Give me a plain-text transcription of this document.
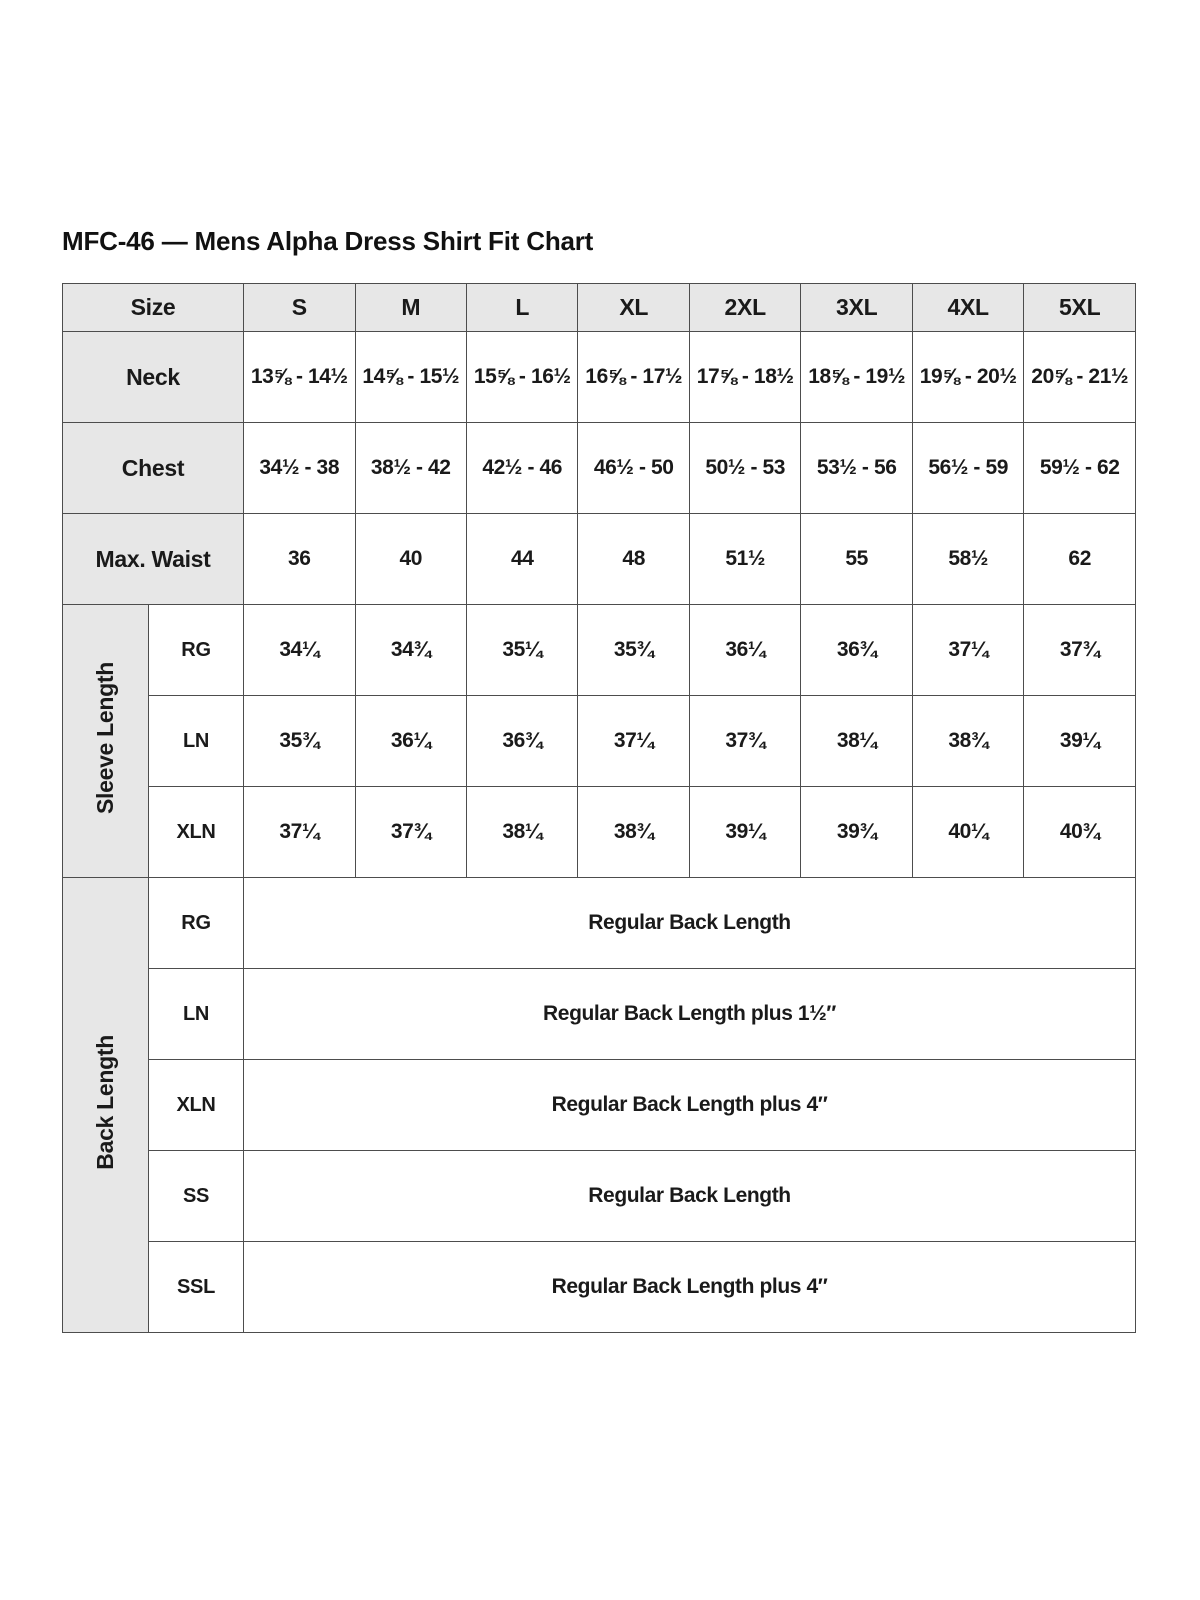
MFC-46 — Mens Alpha Dress Shirt Fit Chart
Size		S	M	L	XL	2XL	3XL	4XL	5XL
Neck		13⅝ - 14½	14⅝ - 15½	15⅝ - 16½	16⅝ - 17½	17⅝ - 18½	18⅝ - 19½	19⅝ - 20½	20⅝ - 21½
Chest		34½ - 38	38½ - 42	42½ - 46	46½ - 50	50½ - 53	53½ - 56	56½ - 59	59½ - 62
Max. Waist		36	40	44	48	51½	55	58½	62
Sleeve Length	RG	34¼	34¾	35¼	35¾	36¼	36¾	37¼	37¾
	LN	35¾	36¼	36¾	37¼	37¾	38¼	38¾	39¼
	XLN	37¼	37¾	38¼	38¾	39¼	39¾	40¼	40¾
Back Length	RG	Regular Back Length							
	LN	Regular Back Length plus 1½″							
	XLN	Regular Back Length plus 4″							
	SS	Regular Back Length							
	SSL	Regular Back Length plus 4″							
